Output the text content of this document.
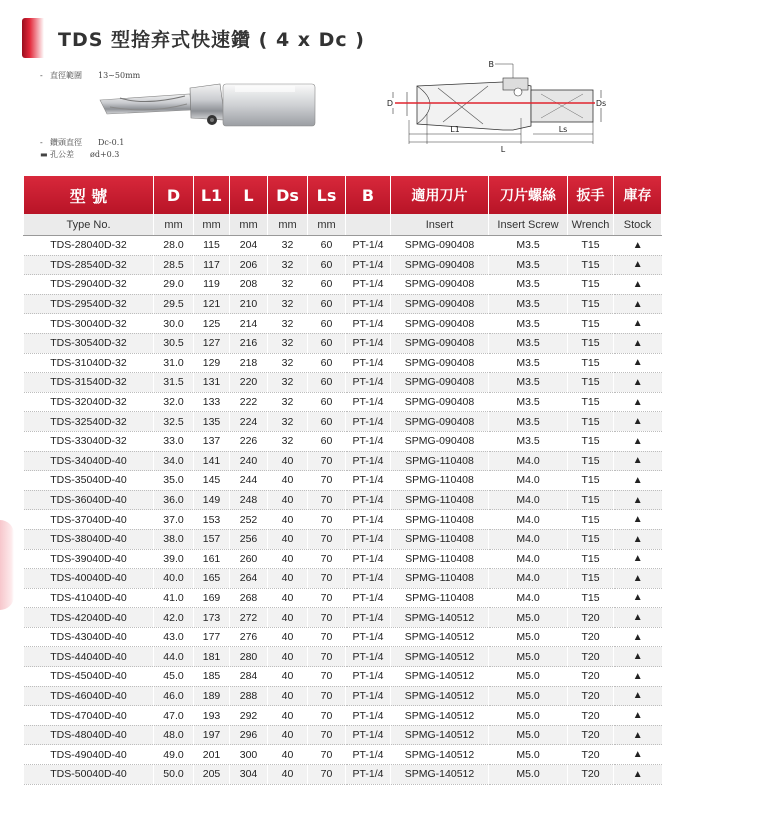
TDS 型捨弃式快速鑽 ( 4 x Dc )
- 直徑範圍 13~50mm
- 鑽頭直徑 Dc-0.1
▬ 孔公差 ød+0.3
D
B
Ds
L1	Ls
L
型 號	D	L1	L	Ds	Ls	B	適用刀片	刀片螺絲	扳手	庫存
Type No.	mm	mm	mm	mm	mm		Insert	Insert Screw	Wrench	Stock
TDS-28040D-32	28.0	115	204	32	60	PT-1/4	SPMG-090408	M3.5	T15	▲
TDS-28540D-32	28.5	117	206	32	60	PT-1/4	SPMG-090408	M3.5	T15	▲
TDS-29040D-32	29.0	119	208	32	60	PT-1/4	SPMG-090408	M3.5	T15	▲
TDS-29540D-32	29.5	121	210	32	60	PT-1/4	SPMG-090408	M3.5	T15	▲
TDS-30040D-32	30.0	125	214	32	60	PT-1/4	SPMG-090408	M3.5	T15	▲
TDS-30540D-32	30.5	127	216	32	60	PT-1/4	SPMG-090408	M3.5	T15	▲
TDS-31040D-32	31.0	129	218	32	60	PT-1/4	SPMG-090408	M3.5	T15	▲
TDS-31540D-32	31.5	131	220	32	60	PT-1/4	SPMG-090408	M3.5	T15	▲
TDS-32040D-32	32.0	133	222	32	60	PT-1/4	SPMG-090408	M3.5	T15	▲
TDS-32540D-32	32.5	135	224	32	60	PT-1/4	SPMG-090408	M3.5	T15	▲
TDS-33040D-32	33.0	137	226	32	60	PT-1/4	SPMG-090408	M3.5	T15	▲
TDS-34040D-40	34.0	141	240	40	70	PT-1/4	SPMG-110408	M4.0	T15	▲
TDS-35040D-40	35.0	145	244	40	70	PT-1/4	SPMG-110408	M4.0	T15	▲
TDS-36040D-40	36.0	149	248	40	70	PT-1/4	SPMG-110408	M4.0	T15	▲
TDS-37040D-40	37.0	153	252	40	70	PT-1/4	SPMG-110408	M4.0	T15	▲
TDS-38040D-40	38.0	157	256	40	70	PT-1/4	SPMG-110408	M4.0	T15	▲
TDS-39040D-40	39.0	161	260	40	70	PT-1/4	SPMG-110408	M4.0	T15	▲
TDS-40040D-40	40.0	165	264	40	70	PT-1/4	SPMG-110408	M4.0	T15	▲
TDS-41040D-40	41.0	169	268	40	70	PT-1/4	SPMG-110408	M4.0	T15	▲
TDS-42040D-40	42.0	173	272	40	70	PT-1/4	SPMG-140512	M5.0	T20	▲
TDS-43040D-40	43.0	177	276	40	70	PT-1/4	SPMG-140512	M5.0	T20	▲
TDS-44040D-40	44.0	181	280	40	70	PT-1/4	SPMG-140512	M5.0	T20	▲
TDS-45040D-40	45.0	185	284	40	70	PT-1/4	SPMG-140512	M5.0	T20	▲
TDS-46040D-40	46.0	189	288	40	70	PT-1/4	SPMG-140512	M5.0	T20	▲
TDS-47040D-40	47.0	193	292	40	70	PT-1/4	SPMG-140512	M5.0	T20	▲
TDS-48040D-40	48.0	197	296	40	70	PT-1/4	SPMG-140512	M5.0	T20	▲
TDS-49040D-40	49.0	201	300	40	70	PT-1/4	SPMG-140512	M5.0	T20	▲
TDS-50040D-40	50.0	205	304	40	70	PT-1/4	SPMG-140512	M5.0	T20	▲
